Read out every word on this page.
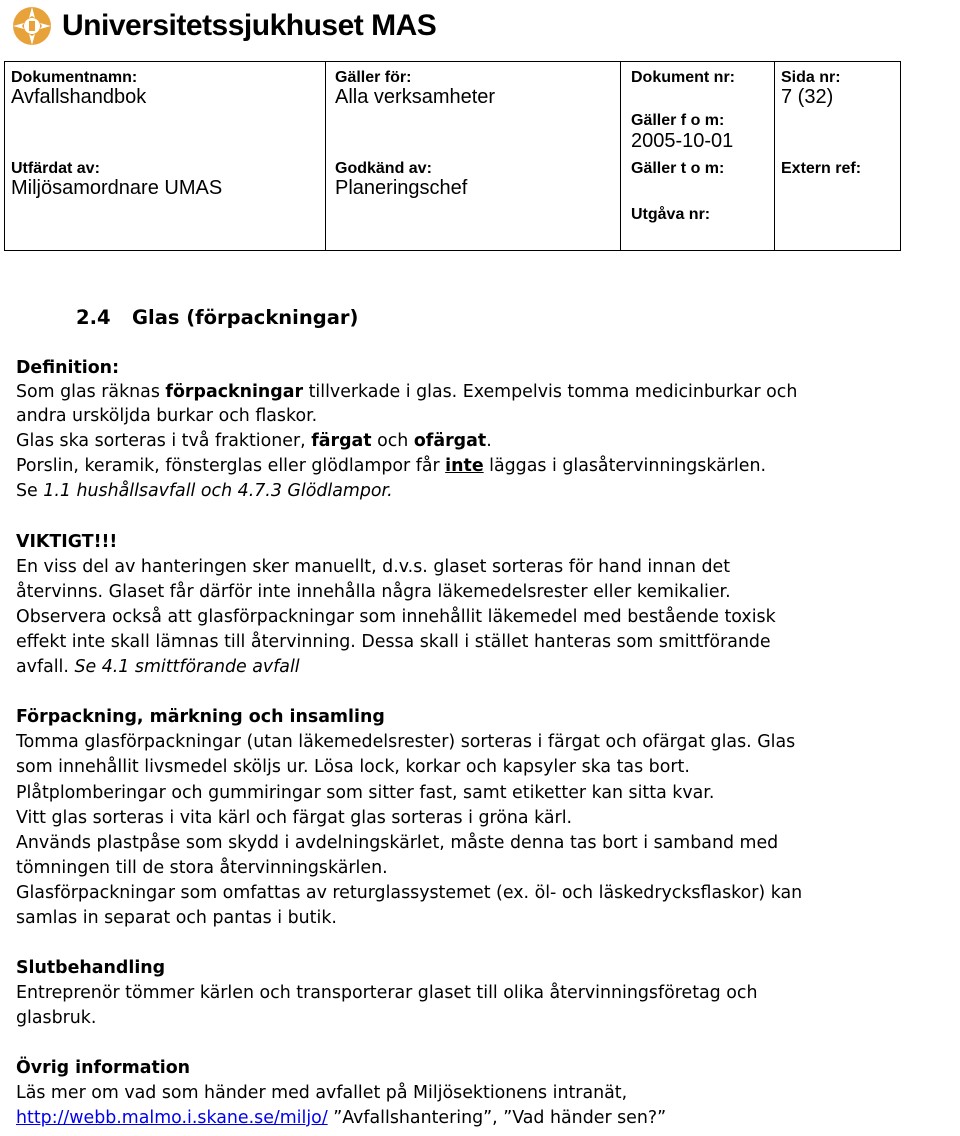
Universitetssjukhuset MAS
Dokumentnamn:
Avfallshandbok
Gäller för:
Alla verksamheter
Dokument nr:
Gäller f o m:
2005-10-01
Sida nr:
7 (32)
Utfärdat av:
Miljösamordnare UMAS
Godkänd av:
Planeringschef
Gäller t o m:	Extern ref:
Utgåva nr:
2.4 Glas (förpackningar)
Definition:
Som glas räknas förpackningar tillverkade i glas. Exempelvis tomma medicinburkar och
andra ursköljda burkar och flaskor.
Glas ska sorteras i två fraktioner, färgat och ofärgat.
Porslin, keramik, fönsterglas eller glödlampor får inte läggas i glasåtervinningskärlen.
Se 1.1 hushållsavfall och 4.7.3 Glödlampor.
VIKTIGT!!!
En viss del av hanteringen sker manuellt, d.v.s. glaset sorteras för hand innan det
återvinns. Glaset får därför inte innehålla några läkemedelsrester eller kemikalier.
Observera också att glasförpackningar som innehållit läkemedel med bestående toxisk
effekt inte skall lämnas till återvinning. Dessa skall i stället hanteras som smittförande
avfall. Se 4.1 smittförande avfall
Förpackning, märkning och insamling
Tomma glasförpackningar (utan läkemedelsrester) sorteras i färgat och ofärgat glas. Glas
som innehållit livsmedel sköljs ur. Lösa lock, korkar och kapsyler ska tas bort.
Plåtplomberingar och gummiringar som sitter fast, samt etiketter kan sitta kvar.
Vitt glas sorteras i vita kärl och färgat glas sorteras i gröna kärl.
Används plastpåse som skydd i avdelningskärlet, måste denna tas bort i samband med
tömningen till de stora återvinningskärlen.
Glasförpackningar som omfattas av returglassystemet (ex. öl- och läskedrycksflaskor) kan
samlas in separat och pantas i butik.
Slutbehandling
Entreprenör tömmer kärlen och transporterar glaset till olika återvinningsföretag och
glasbruk.
Övrig information
Läs mer om vad som händer med avfallet på Miljösektionens intranät,
http://webb.malmo.i.skane.se/miljo/ ”Avfallshantering”, ”Vad händer sen?”
